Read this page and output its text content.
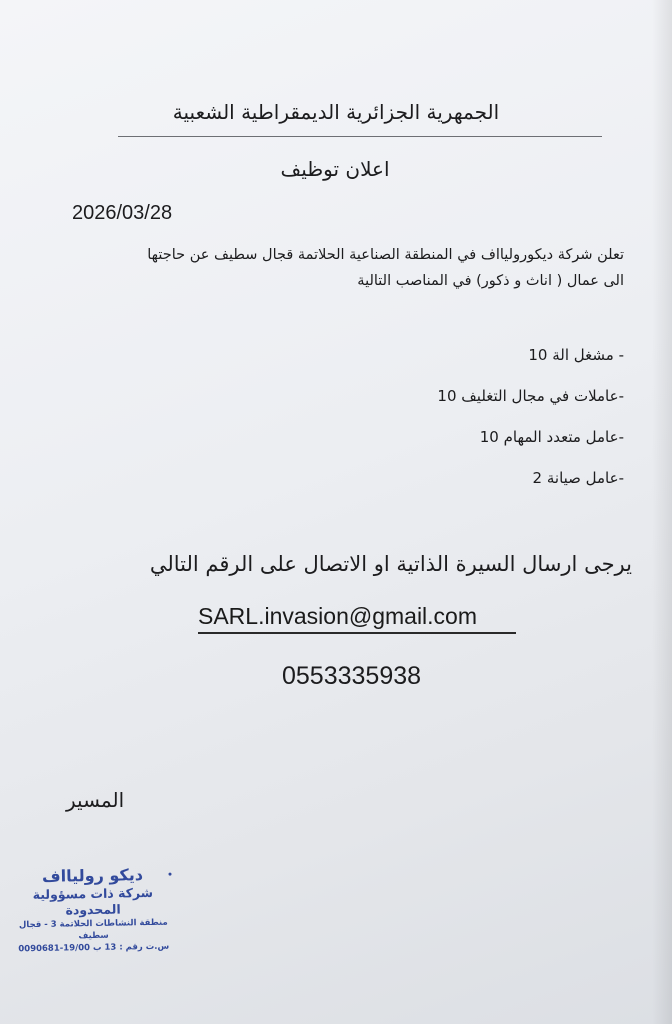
الجمهرية الجزائرية الديمقراطية الشعبية
اعلان توظيف
2026/03/28
تعلن شركة ديكوروليااف في المنطقة الصناعية الحلاتمة قجال سطيف عن حاجتها
الى عمال ( اناث و ذكور) في المناصب التالية
- مشغل الة 10
-عاملات في مجال التغليف 10
-عامل متعدد المهام 10
-عامل صيانة 2
يرجى ارسال السيرة الذاتية او الاتصال على الرقم التالي
SARL.invasion@gmail.com
0553335938
المسير
ديكو روليااف
شركة ذات مسؤولية المحدودة
منطقة النشاطات الحلاتمة 3 - قجال سطيف
س.ت رقم : 13 ب 19/00-0090681
